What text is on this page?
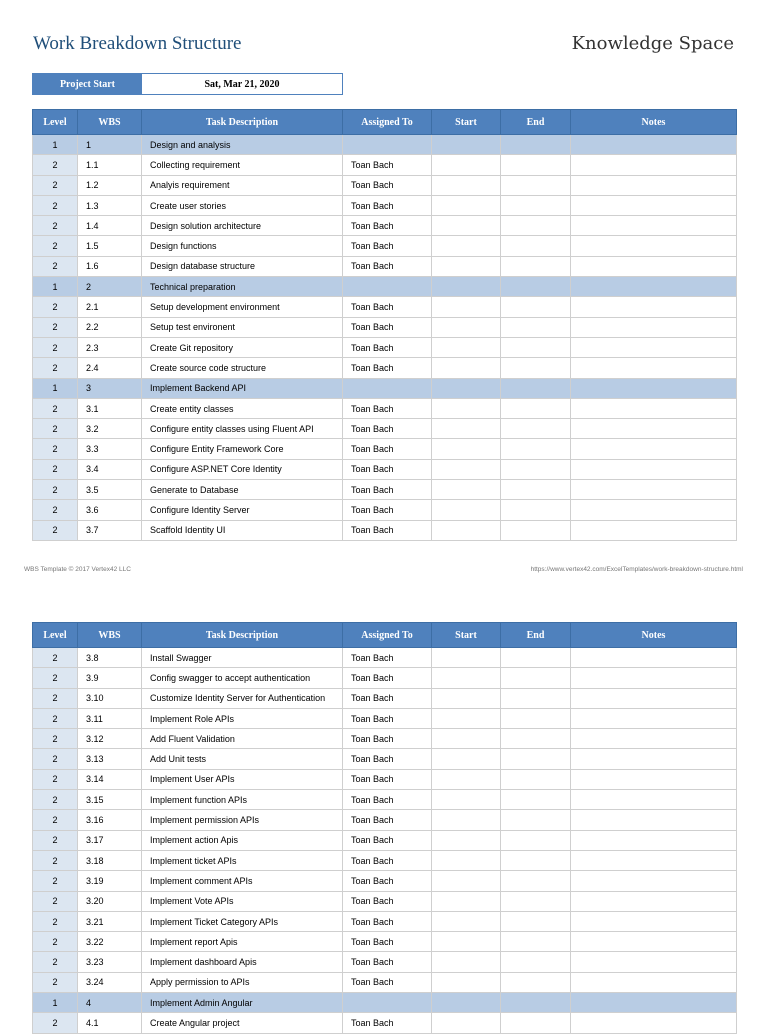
Work Breakdown Structure	Knowledge Space
Project Start	Sat, Mar 21, 2020
Level	WBS	Task Description	Assigned To	Start	End	Notes
1	1	Design and analysis				
2	1.1	Collecting requirement	Toan Bach			
2	1.2	Analyis requirement	Toan Bach			
2	1.3	Create user stories	Toan Bach			
2	1.4	Design solution architecture	Toan Bach			
2	1.5	Design functions	Toan Bach			
2	1.6	Design database structure	Toan Bach			
1	2	Technical preparation				
2	2.1	Setup development environment	Toan Bach			
2	2.2	Setup test environent	Toan Bach			
2	2.3	Create Git repository	Toan Bach			
2	2.4	Create source code structure	Toan Bach			
1	3	Implement Backend API				
2	3.1	Create entity classes	Toan Bach			
2	3.2	Configure entity classes using Fluent API	Toan Bach			
2	3.3	Configure Entity Framework Core	Toan Bach			
2	3.4	Configure ASP.NET Core Identity	Toan Bach			
2	3.5	Generate to Database	Toan Bach			
2	3.6	Configure Identity Server	Toan Bach			
2	3.7	Scaffold Identity UI	Toan Bach			
WBS Template © 2017 Vertex42 LLC	https://www.vertex42.com/ExcelTemplates/work-breakdown-structure.html
Level	WBS	Task Description	Assigned To	Start	End	Notes
2	3.8	Install Swagger	Toan Bach			
2	3.9	Config swagger to accept authentication	Toan Bach			
2	3.10	Customize Identity Server for Authentication	Toan Bach			
2	3.11	Implement Role APIs	Toan Bach			
2	3.12	Add Fluent Validation	Toan Bach			
2	3.13	Add Unit tests	Toan Bach			
2	3.14	Implement User APIs	Toan Bach			
2	3.15	Implement function APIs	Toan Bach			
2	3.16	Implement permission APIs	Toan Bach			
2	3.17	Implement action Apis	Toan Bach			
2	3.18	Implement ticket APIs	Toan Bach			
2	3.19	Implement comment APIs	Toan Bach			
2	3.20	Implement Vote APIs	Toan Bach			
2	3.21	Implement Ticket Category APIs	Toan Bach			
2	3.22	Implement report Apis	Toan Bach			
2	3.23	Implement dashboard Apis	Toan Bach			
2	3.24	Apply permission to APIs	Toan Bach			
1	4	Implement Admin Angular				
2	4.1	Create Angular project	Toan Bach			
